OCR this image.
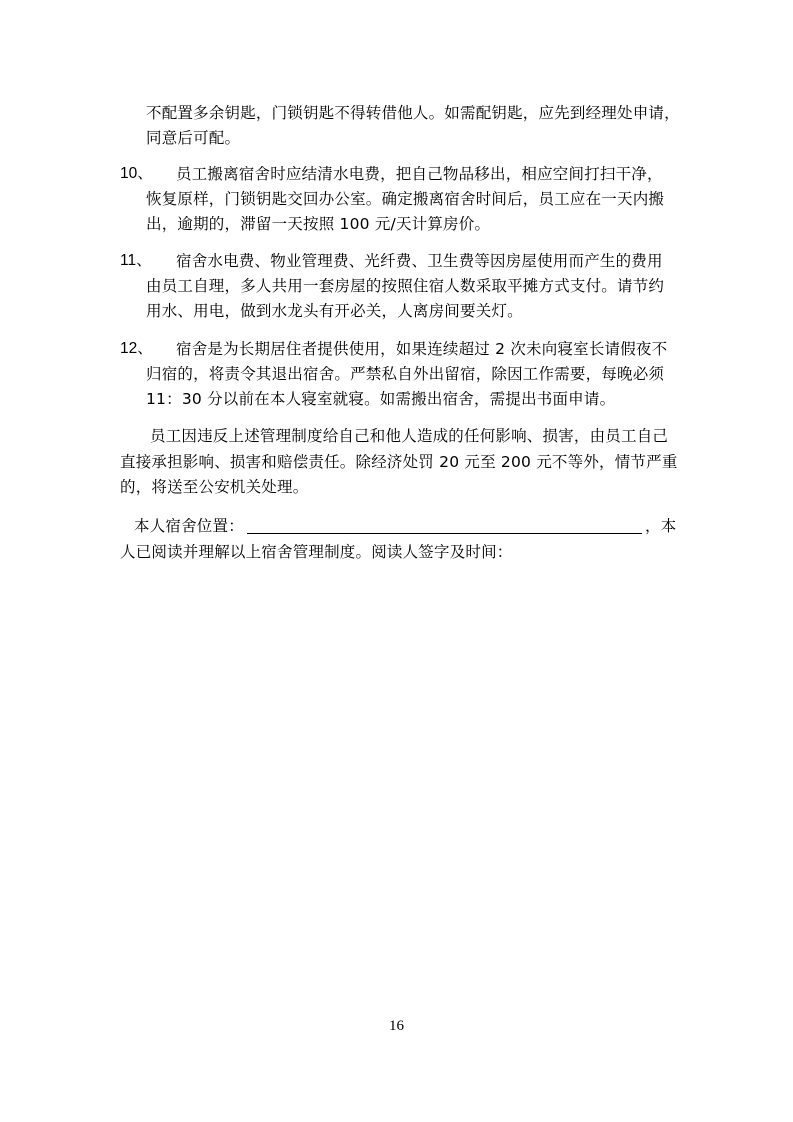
不配置多余钥匙，门锁钥匙不得转借他人。如需配钥匙，应先到经理处申请，
同意后可配。
10、 员工搬离宿舍时应结清水电费，把自己物品移出，相应空间打扫干净，
恢复原样，门锁钥匙交回办公室。确定搬离宿舍时间后，员工应在一天内搬
出，逾期的，滞留一天按照 100 元/天计算房价。
11、 宿舍水电费、物业管理费、光纤费、卫生费等因房屋使用而产生的费用
由员工自理，多人共用一套房屋的按照住宿人数采取平摊方式支付。请节约
用水、用电，做到水龙头有开必关，人离房间要关灯。
12、 宿舍是为长期居住者提供使用，如果连续超过 2 次未向寝室长请假夜不
归宿的，将责令其退出宿舍。严禁私自外出留宿，除因工作需要，每晚必须
11：30 分以前在本人寝室就寝。如需搬出宿舍，需提出书面申请。
员工因违反上述管理制度给自己和他人造成的任何影响、损害，由员工自己
直接承担影响、损害和赔偿责任。除经济处罚 20 元至 200 元不等外，情节严重
的，将送至公安机关处理。
本人宿舍位置：	，本
人已阅读并理解以上宿舍管理制度。阅读人签字及时间：
16
